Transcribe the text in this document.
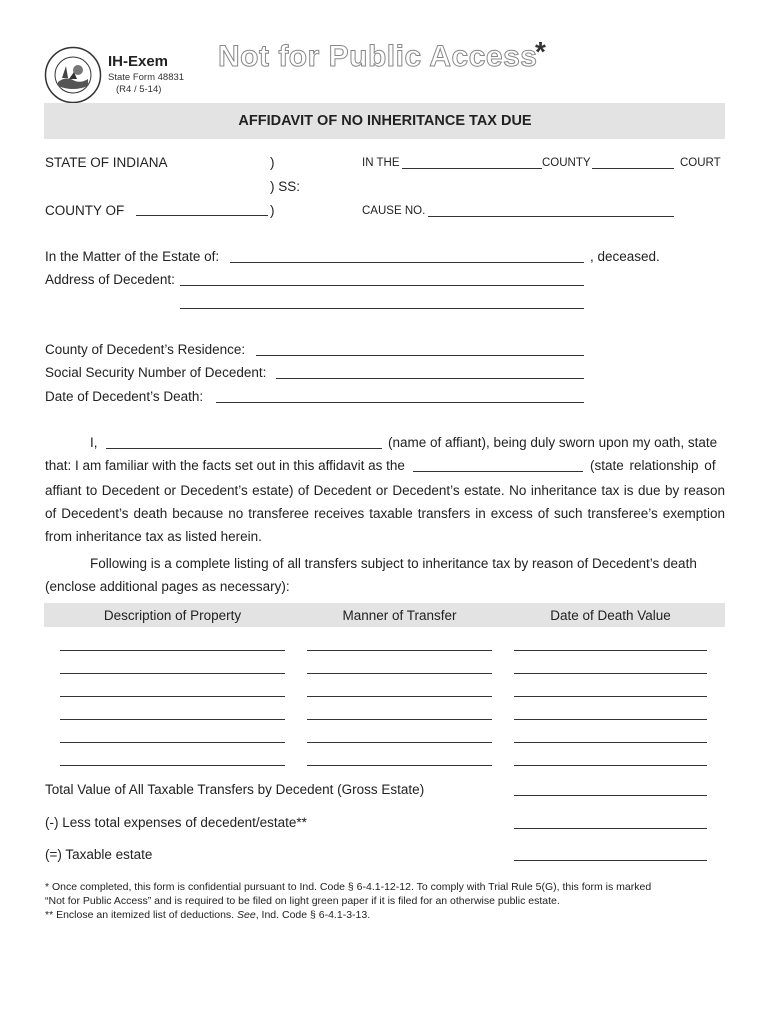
IH-Exem
State Form 48831
(R4 / 5-14)
Not for Public Access
*
AFFIDAVIT OF NO INHERITANCE TAX DUE
STATE OF INDIANA	)
) SS:
COUNTY OF	)
IN THE	COUNTY	COURT
CAUSE NO.
In the Matter of the Estate of:	, deceased.
Address of Decedent:
County of Decedent’s Residence:
Social Security Number of Decedent:
Date of Decedent’s Death:
I,	(name of affiant), being duly sworn upon my oath, state
that: I am familiar with the facts set out in this affidavit as the	(state relationship of
affiant to Decedent or Decedent’s estate) of Decedent or Decedent’s estate. No inheritance tax is due by reason
of Decedent’s death because no transferee receives taxable transfers in excess of such transferee’s exemption
from inheritance tax as listed herein.
Following is a complete listing of all transfers subject to inheritance tax by reason of Decedent’s death
(enclose additional pages as necessary):
Description of Property	Manner of Transfer	Date of Death Value
Total Value of All Taxable Transfers by Decedent (Gross Estate)
(-) Less total expenses of decedent/estate**
(=) Taxable estate
* Once completed, this form is confidential pursuant to Ind. Code § 6-4.1-12-12. To comply with Trial Rule 5(G), this form is marked
“Not for Public Access” and is required to be filed on light green paper if it is filed for an otherwise public estate.
** Enclose an itemized list of deductions. See, Ind. Code § 6-4.1-3-13.
